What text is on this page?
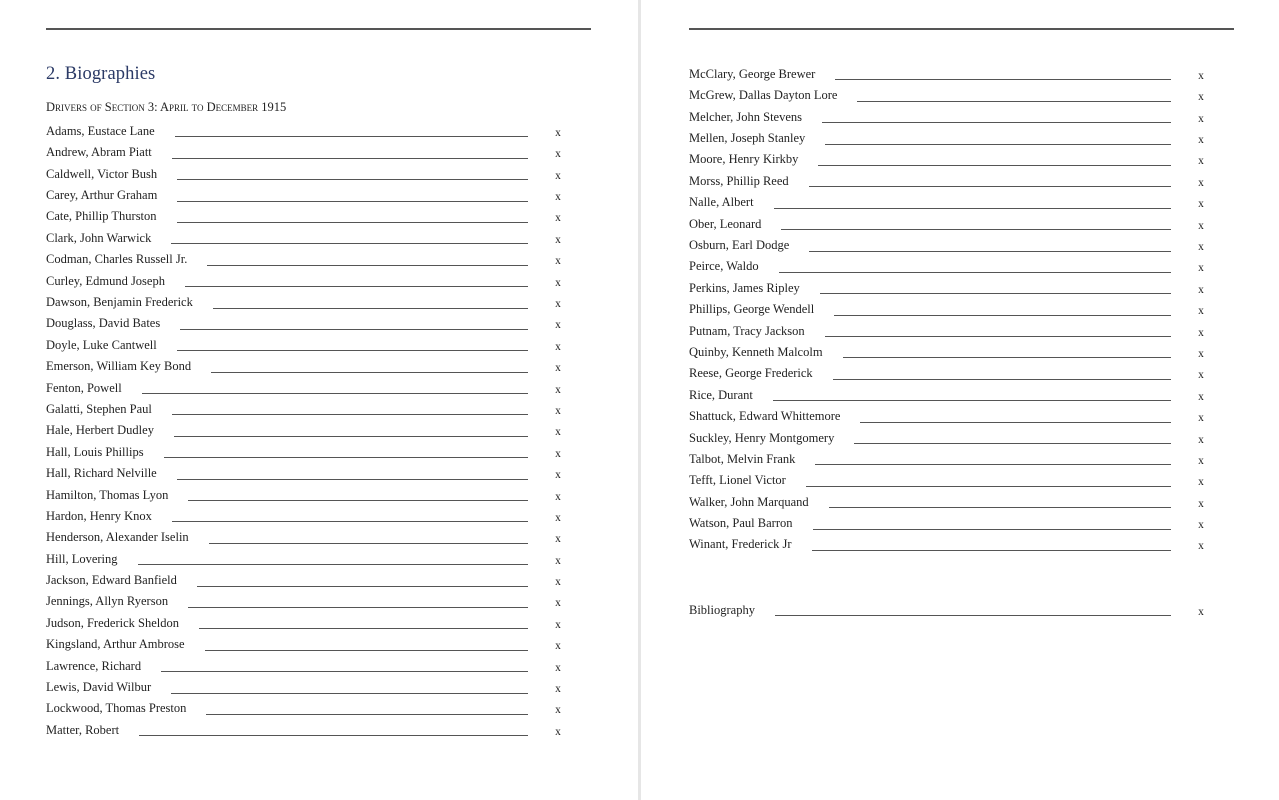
2. Biographies
Drivers of Section 3: April to December 1915
Adams, Eustace Lane	x
Andrew, Abram Piatt	x
Caldwell, Victor Bush	x
Carey, Arthur Graham	x
Cate, Phillip Thurston	x
Clark, John Warwick	x
Codman, Charles Russell Jr.	x
Curley, Edmund Joseph	x
Dawson, Benjamin Frederick	x
Douglass, David Bates	x
Doyle, Luke Cantwell	x
Emerson, William Key Bond	x
Fenton, Powell	x
Galatti, Stephen Paul	x
Hale, Herbert Dudley	x
Hall, Louis Phillips	x
Hall, Richard Nelville	x
Hamilton, Thomas Lyon	x
Hardon, Henry Knox	x
Henderson, Alexander Iselin	x
Hill, Lovering	x
Jackson, Edward Banfield	x
Jennings, Allyn Ryerson	x
Judson, Frederick Sheldon	x
Kingsland, Arthur Ambrose	x
Lawrence, Richard	x
Lewis, David Wilbur	x
Lockwood, Thomas Preston	x
Matter, Robert	x
McClary, George Brewer	x
McGrew, Dallas Dayton Lore	x
Melcher, John Stevens	x
Mellen, Joseph Stanley	x
Moore, Henry Kirkby	x
Morss, Phillip Reed	x
Nalle, Albert	x
Ober, Leonard	x
Osburn, Earl Dodge	x
Peirce, Waldo	x
Perkins, James Ripley	x
Phillips, George Wendell	x
Putnam, Tracy Jackson	x
Quinby, Kenneth Malcolm	x
Reese, George Frederick	x
Rice, Durant	x
Shattuck, Edward Whittemore	x
Suckley, Henry Montgomery	x
Talbot, Melvin Frank	x
Tefft, Lionel Victor	x
Walker, John Marquand	x
Watson, Paul Barron	x
Winant, Frederick Jr	x
Bibliography	x
